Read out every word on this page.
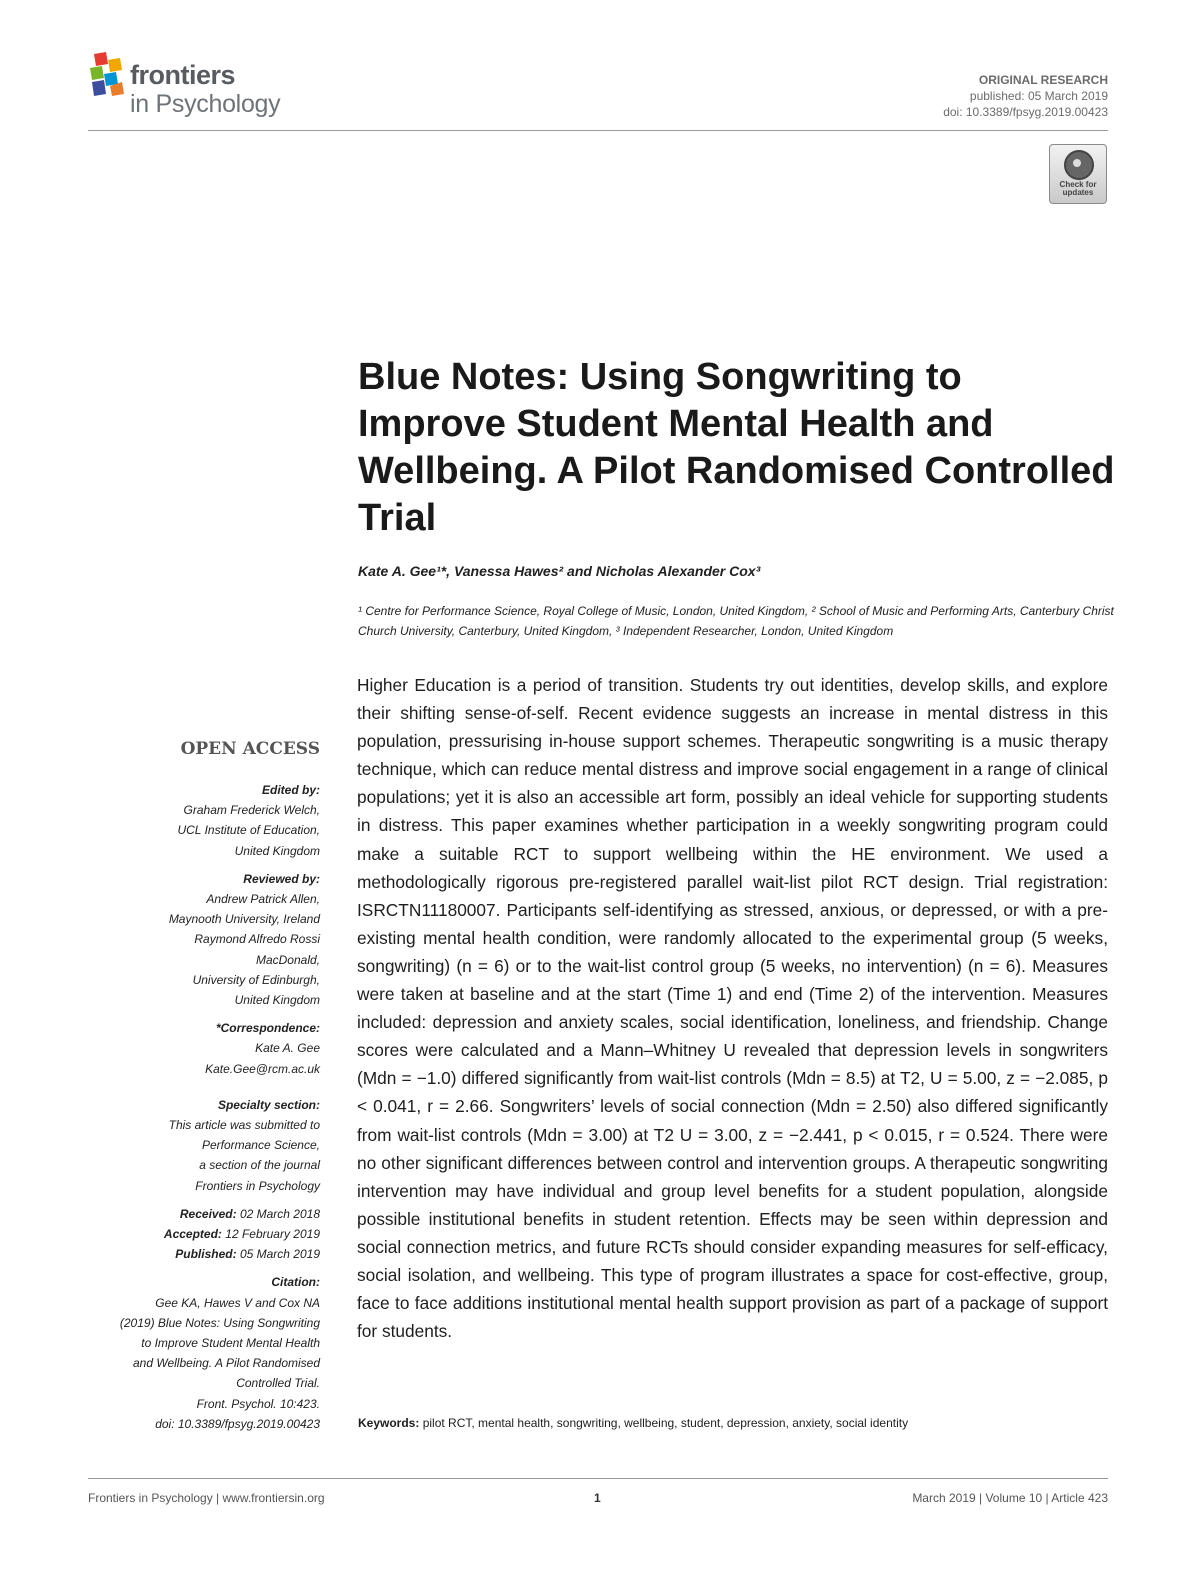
frontiers
in Psychology
ORIGINAL RESEARCH
published: 05 March 2019
doi: 10.3389/fpsyg.2019.00423
Check for updates
Blue Notes: Using Songwriting to Improve Student Mental Health and Wellbeing. A Pilot Randomised Controlled Trial
Kate A. Gee¹*, Vanessa Hawes² and Nicholas Alexander Cox³
¹ Centre for Performance Science, Royal College of Music, London, United Kingdom, ² School of Music and Performing Arts, Canterbury Christ Church University, Canterbury, United Kingdom, ³ Independent Researcher, London, United Kingdom

Higher Education is a period of transition. Students try out identities, develop skills, and explore their shifting sense-of-self. Recent evidence suggests an increase in mental distress in this population, pressurising in-house support schemes. Therapeutic songwriting is a music therapy technique, which can reduce mental distress and improve social engagement in a range of clinical populations; yet it is also an accessible art form, possibly an ideal vehicle for supporting students in distress. This paper examines whether participation in a weekly songwriting program could make a suitable RCT to support wellbeing within the HE environment. We used a methodologically rigorous pre-registered parallel wait-list pilot RCT design. Trial registration: ISRCTN11180007. Participants self-identifying as stressed, anxious, or depressed, or with a pre-existing mental health condition, were randomly allocated to the experimental group (5 weeks, songwriting) (n = 6) or to the wait-list control group (5 weeks, no intervention) (n = 6). Measures were taken at baseline and at the start (Time 1) and end (Time 2) of the intervention. Measures included: depression and anxiety scales, social identification, loneliness, and friendship. Change scores were calculated and a Mann–Whitney U revealed that depression levels in songwriters (Mdn = −1.0) differed significantly from wait-list controls (Mdn = 8.5) at T2, U = 5.00, z = −2.085, p < 0.041, r = 2.66. Songwriters’ levels of social connection (Mdn = 2.50) also differed significantly from wait-list controls (Mdn = 3.00) at T2 U = 3.00, z = −2.441, p < 0.015, r = 0.524. There were no other significant differences between control and intervention groups. A therapeutic songwriting intervention may have individual and group level benefits for a student population, alongside possible institutional benefits in student retention. Effects may be seen within depression and social connection metrics, and future RCTs should consider expanding measures for self-efficacy, social isolation, and wellbeing. This type of program illustrates a space for cost-effective, group, face to face additions institutional mental health support provision as part of a package of support for students.

Keywords: pilot RCT, mental health, songwriting, wellbeing, student, depression, anxiety, social identity
OPEN ACCESS
Edited by:
Graham Frederick Welch,
UCL Institute of Education,
United Kingdom
Reviewed by:
Andrew Patrick Allen,
Maynooth University, Ireland
Raymond Alfredo Rossi
MacDonald,
University of Edinburgh,
United Kingdom
*Correspondence:
Kate A. Gee
Kate.Gee@rcm.ac.uk
Specialty section:
This article was submitted to
Performance Science,
a section of the journal
Frontiers in Psychology
Received: 02 March 2018
Accepted: 12 February 2019
Published: 05 March 2019
Citation:
Gee KA, Hawes V and Cox NA
(2019) Blue Notes: Using Songwriting
to Improve Student Mental Health
and Wellbeing. A Pilot Randomised
Controlled Trial.
Front. Psychol. 10:423.
doi: 10.3389/fpsyg.2019.00423
Frontiers in Psychology | www.frontiersin.org	1	March 2019 | Volume 10 | Article 423
